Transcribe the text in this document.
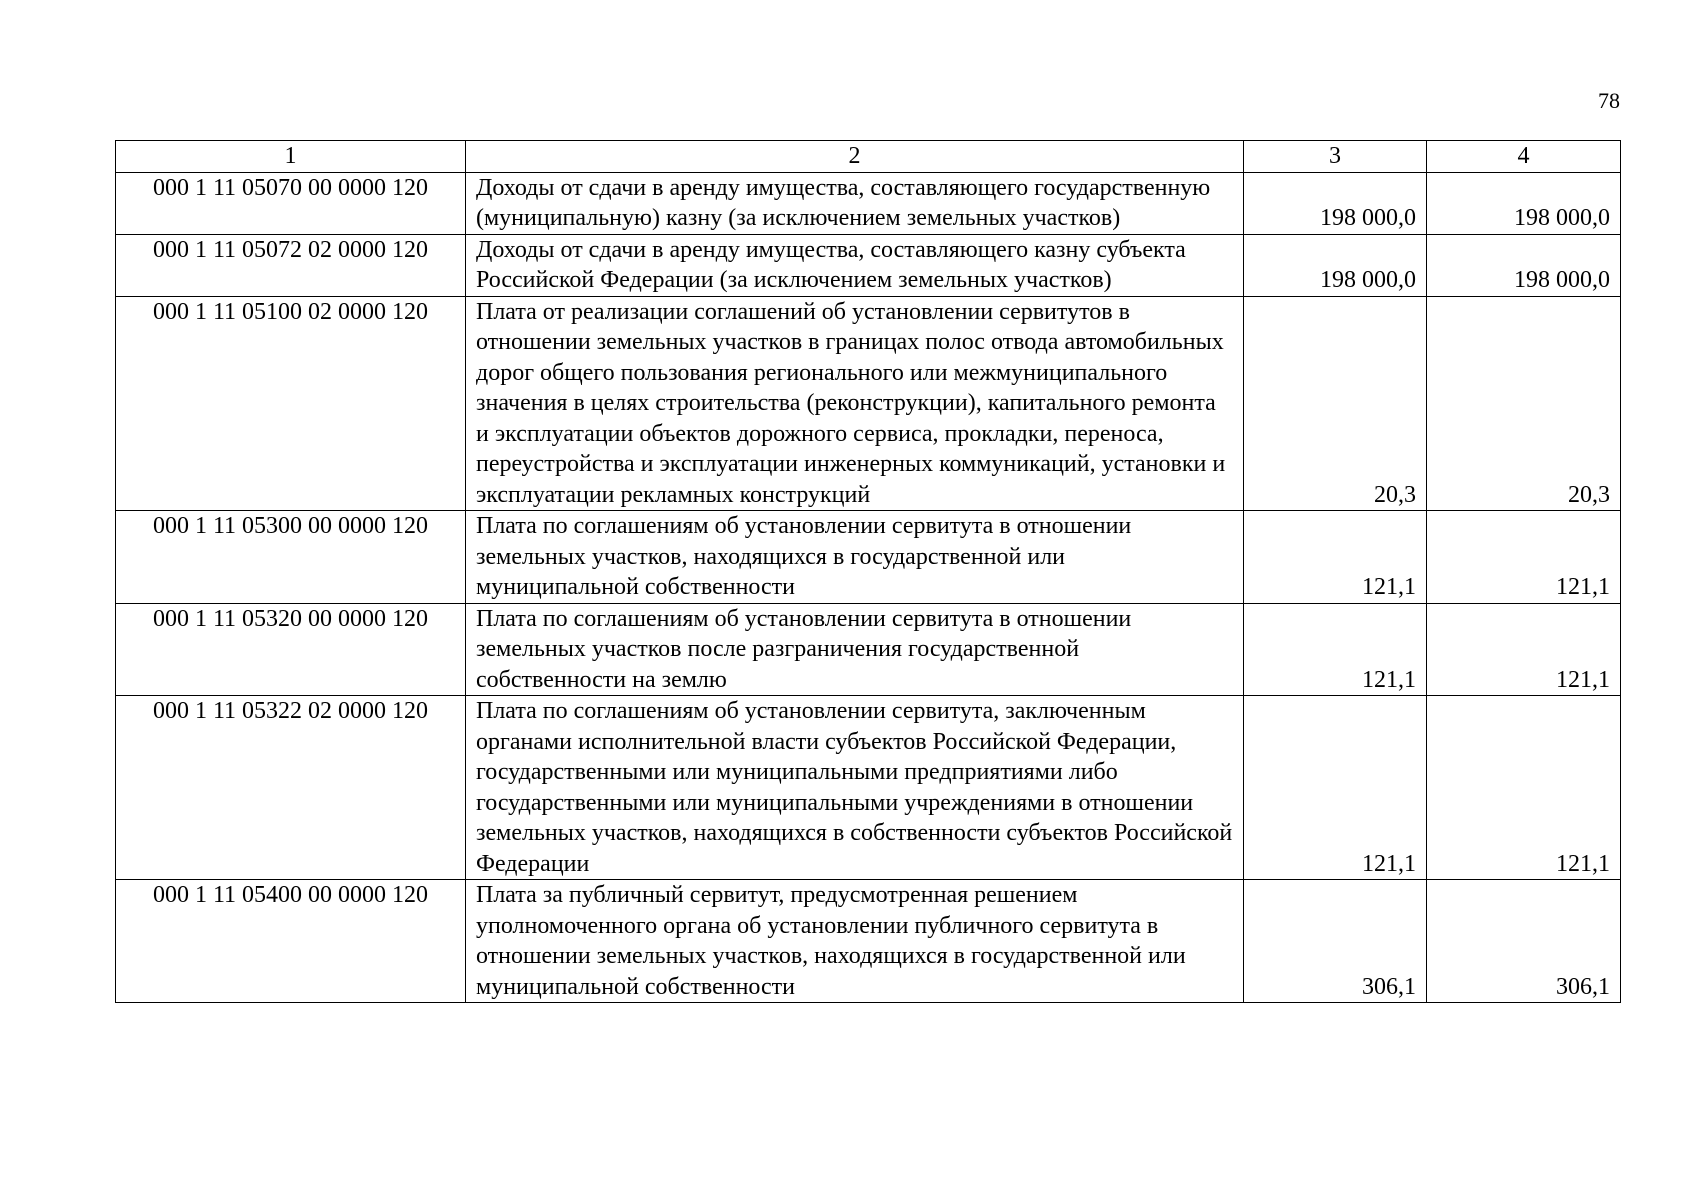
78
1	2	3	4
000 1 11 05070 00 0000 120	Доходы от сдачи в аренду имущества, составляющего государственную (муниципальную) казну (за исключением земельных участков)	198 000,0	198 000,0
000 1 11 05072 02 0000 120	Доходы от сдачи в аренду имущества, составляющего казну субъекта Российской Федерации (за исключением земельных участков)	198 000,0	198 000,0
000 1 11 05100 02 0000 120	Плата от реализации соглашений об установлении сервитутов в отношении земельных участков в границах полос отвода автомобильных дорог общего пользования регионального или межмуниципального значения в целях строительства (реконструкции), капитального ремонта и эксплуатации объектов дорожного сервиса, прокладки, переноса, переустройства и эксплуатации инженерных коммуникаций, установки и эксплуатации рекламных конструкций	20,3	20,3
000 1 11 05300 00 0000 120	Плата по соглашениям об установлении сервитута в отношении земельных участков, находящихся в государственной или муниципальной собственности	121,1	121,1
000 1 11 05320 00 0000 120	Плата по соглашениям об установлении сервитута в отношении земельных участков после разграничения государственной собственности на землю	121,1	121,1
000 1 11 05322 02 0000 120	Плата по соглашениям об установлении сервитута, заключенным органами исполнительной власти субъектов Российской Федерации, государственными или муниципальными предприятиями либо государственными или муниципальными учреждениями в отношении земельных участков, находящихся в собственности субъектов Российской Федерации	121,1	121,1
000 1 11 05400 00 0000 120	Плата за публичный сервитут, предусмотренная решением уполномоченного органа об установлении публичного сервитута в отношении земельных участков, находящихся в государственной или муниципальной собственности	306,1	306,1
